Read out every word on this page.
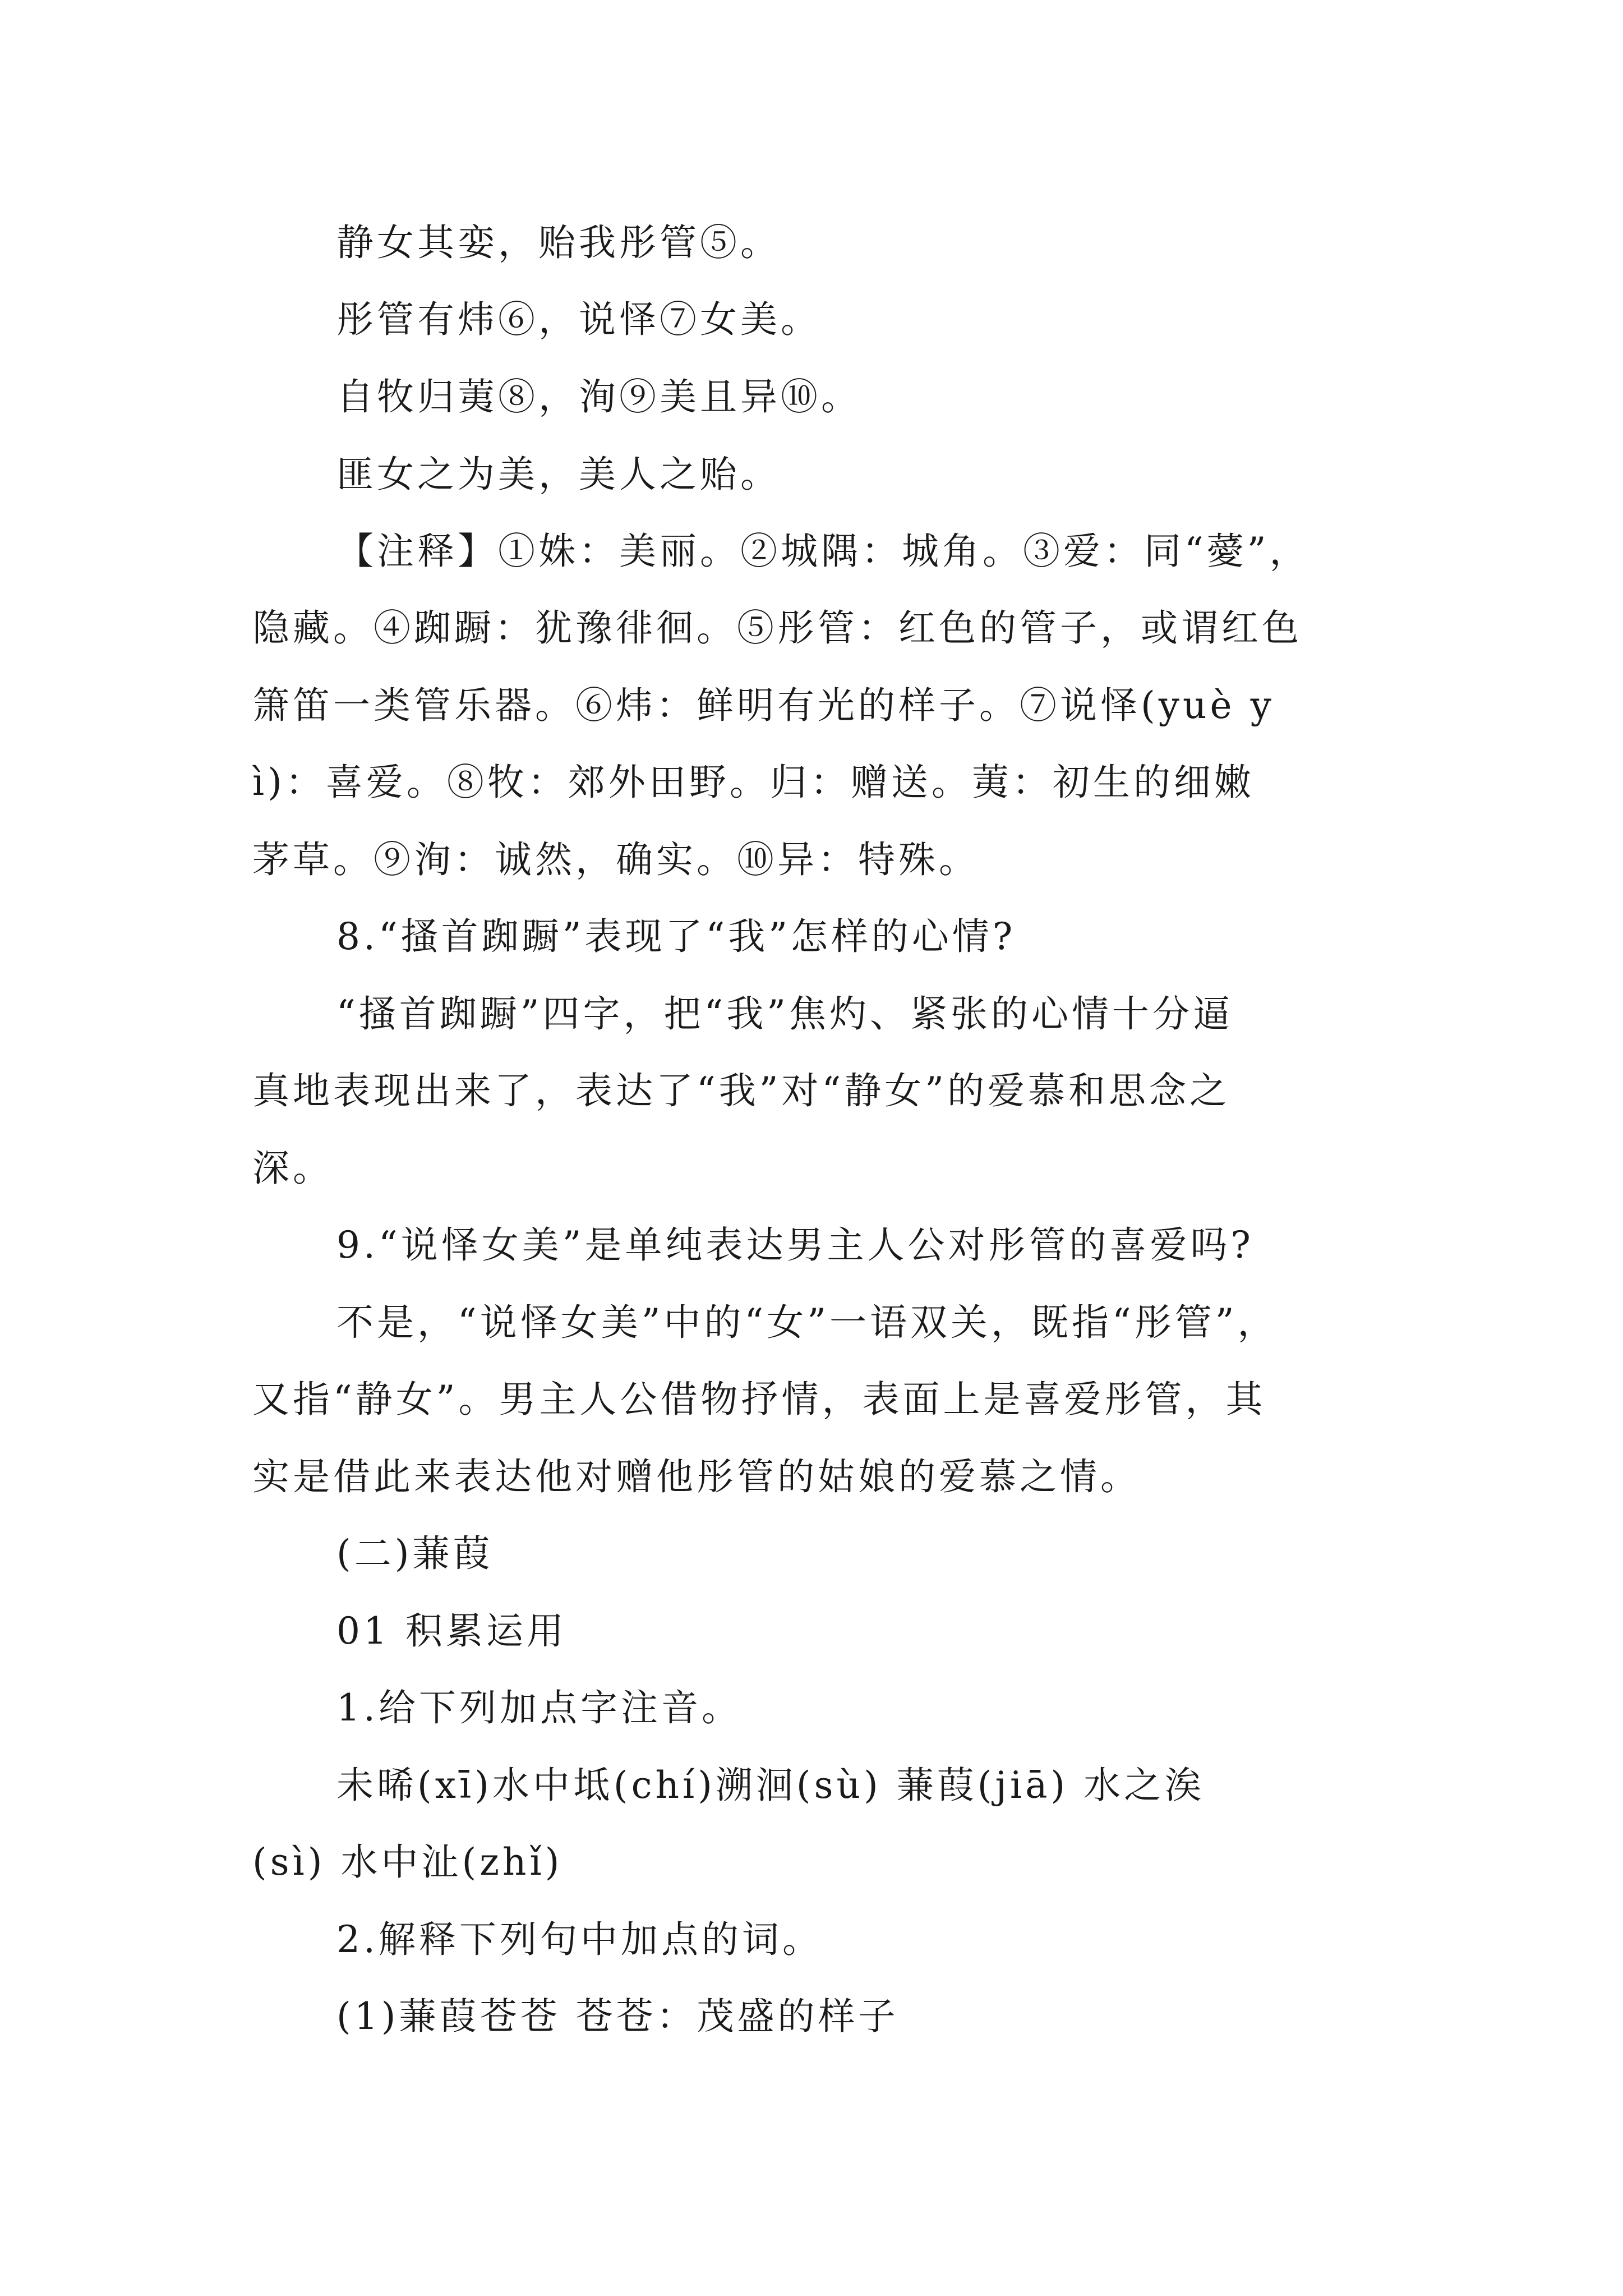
静女其娈，贻我彤管⑤。
彤管有炜⑥，说怿⑦女美。
自牧归荑⑧，洵⑨美且异⑩。
匪女之为美，美人之贻。
【注释】①姝：美丽。②城隅：城角。③爱：同“薆”，
隐藏。④踟蹰：犹豫徘徊。⑤彤管：红色的管子，或谓红色
箫笛一类管乐器。⑥炜：鲜明有光的样子。⑦说怿(yuè y
ì)：喜爱。⑧牧：郊外田野。归：赠送。荑：初生的细嫩
茅草。⑨洵：诚然，确实。⑩异：特殊。
8.“搔首踟蹰”表现了“我”怎样的心情?
“搔首踟蹰”四字，把“我”焦灼、紧张的心情十分逼
真地表现出来了，表达了“我”对“静女”的爱慕和思念之
深。
9.“说怿女美”是单纯表达男主人公对彤管的喜爱吗?
不是，“说怿女美”中的“女”一语双关，既指“彤管”，
又指“静女”。男主人公借物抒情，表面上是喜爱彤管，其
实是借此来表达他对赠他彤管的姑娘的爱慕之情。
(二)蒹葭
01 积累运用
1.给下列加点字注音。
未晞(xī)水中坻(chí)溯洄(sù) 蒹葭(jiā) 水之涘
(sì) 水中沚(zhǐ)
2.解释下列句中加点的词。
(1)蒹葭苍苍 苍苍：茂盛的样子
